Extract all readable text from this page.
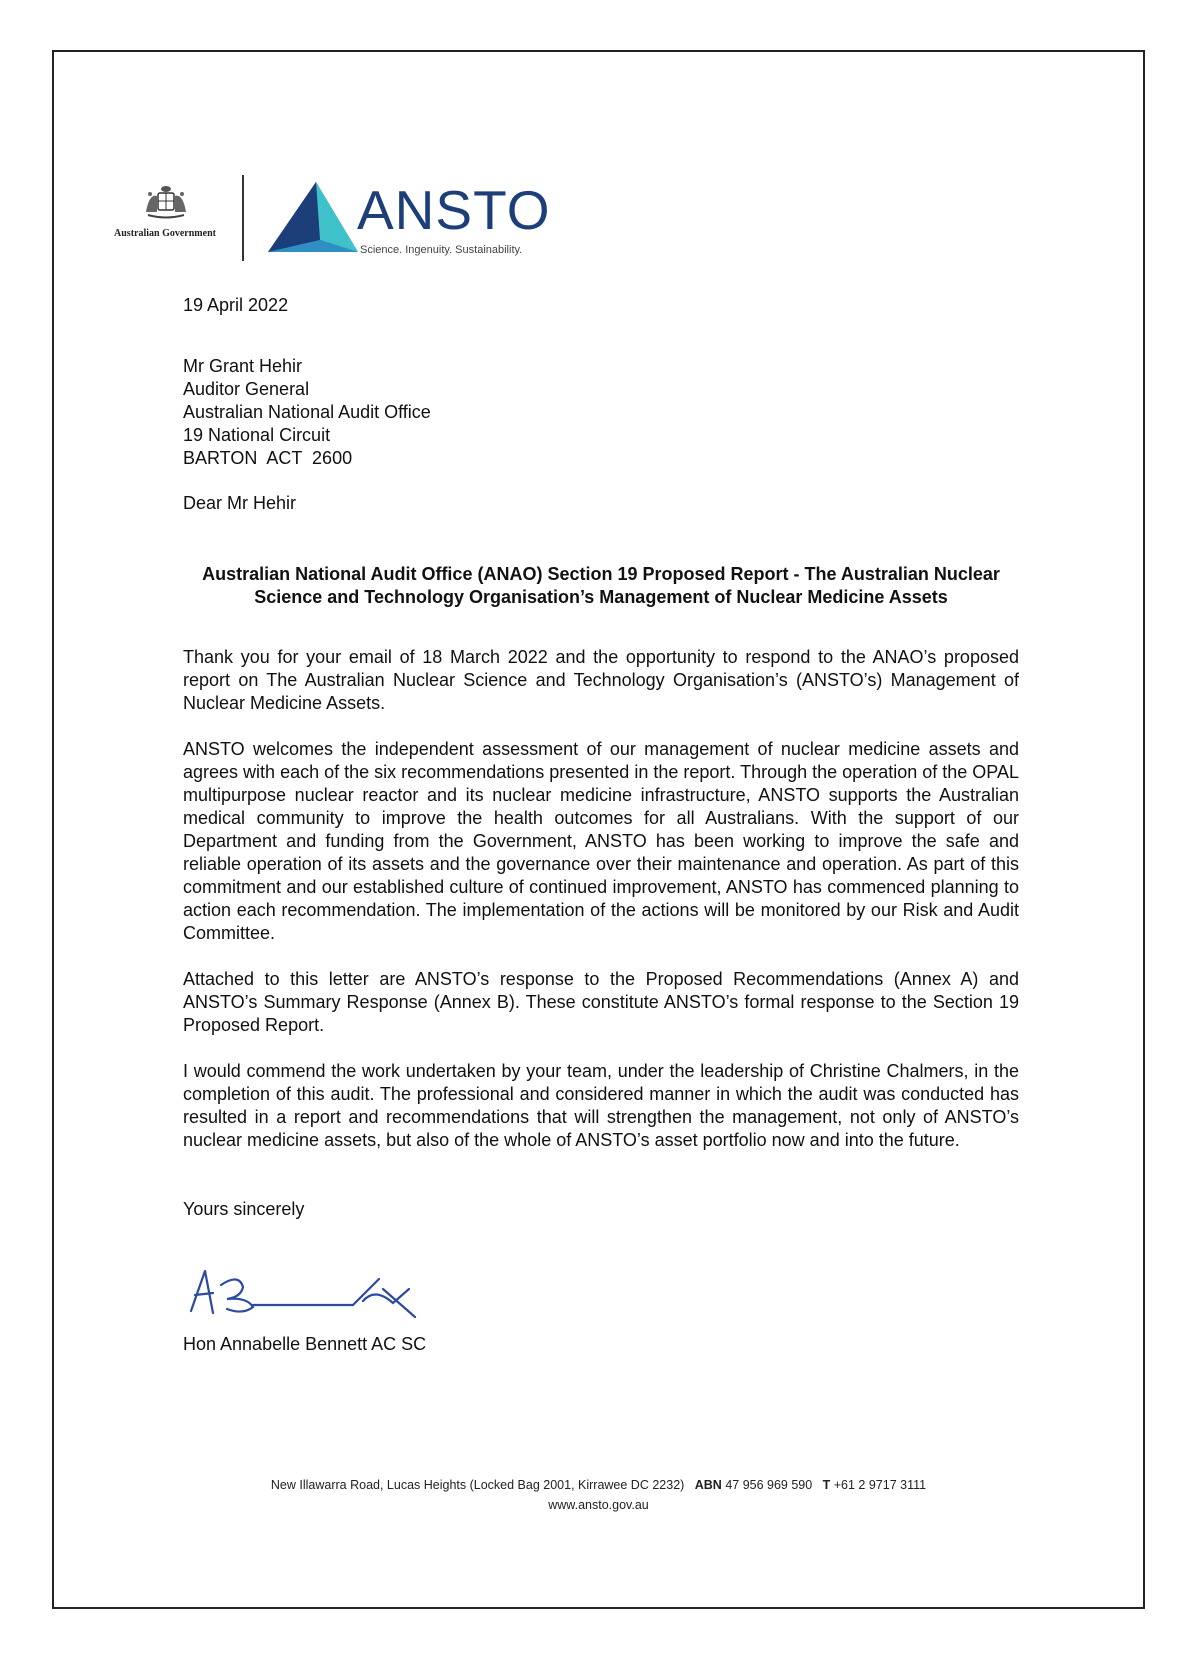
Australian Government	ANSTO
Science. Ingenuity. Sustainability.
19 April 2022
Mr Grant Hehir
Auditor General
Australian National Audit Office
19 National Circuit
BARTON  ACT  2600
Dear Mr Hehir
Australian National Audit Office (ANAO) Section 19 Proposed Report - The Australian Nuclear Science and Technology Organisation’s Management of Nuclear Medicine Assets
Thank you for your email of 18 March 2022 and the opportunity to respond to the ANAO’s proposed report on The Australian Nuclear Science and Technology Organisation’s (ANSTO’s) Management of Nuclear Medicine Assets.
ANSTO welcomes the independent assessment of our management of nuclear medicine assets and agrees with each of the six recommendations presented in the report. Through the operation of the OPAL multipurpose nuclear reactor and its nuclear medicine infrastructure, ANSTO supports the Australian medical community to improve the health outcomes for all Australians. With the support of our Department and funding from the Government, ANSTO has been working to improve the safe and reliable operation of its assets and the governance over their maintenance and operation. As part of this commitment and our established culture of continued improvement, ANSTO has commenced planning to action each recommendation. The implementation of the actions will be monitored by our Risk and Audit Committee.
Attached to this letter are ANSTO’s response to the Proposed Recommendations (Annex A) and ANSTO’s Summary Response (Annex B). These constitute ANSTO’s formal response to the Section 19 Proposed Report.
I would commend the work undertaken by your team, under the leadership of Christine Chalmers, in the completion of this audit. The professional and considered manner in which the audit was conducted has resulted in a report and recommendations that will strengthen the management, not only of ANSTO’s nuclear medicine assets, but also of the whole of ANSTO’s asset portfolio now and into the future.
Yours sincerely
Hon Annabelle Bennett AC SC
New Illawarra Road, Lucas Heights (Locked Bag 2001, Kirrawee DC 2232) ABN 47 956 969 590 T +61 2 9717 3111
www.ansto.gov.au
